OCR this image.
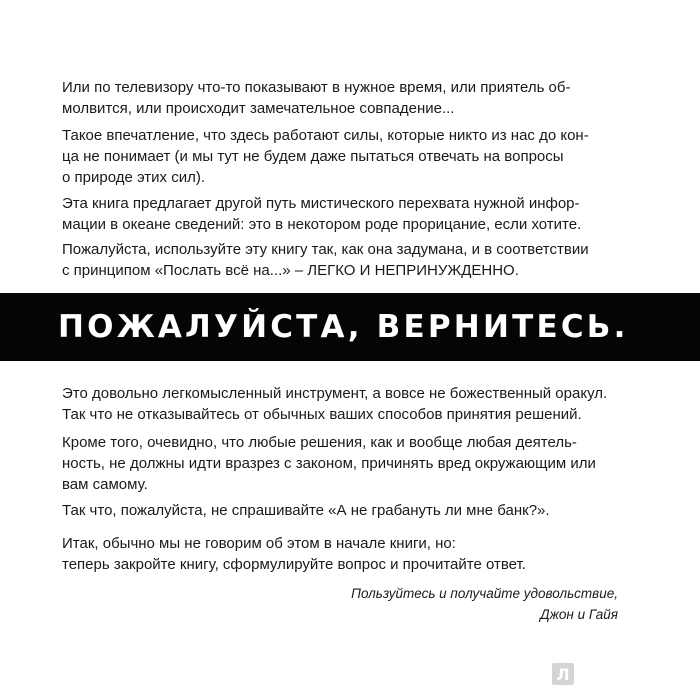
Или по телевизору что-то показывают в нужное время, или приятель об-
молвится, или происходит замечательное совпадение...

Такое впечатление, что здесь работают силы, которые никто из нас до кон-
ца не понимает (и мы тут не будем даже пытаться отвечать на вопросы
о природе этих сил).

Эта книга предлагает другой путь мистического перехвата нужной инфор-
мации в океане сведений: это в некотором роде прорицание, если хотите.

Пожалуйста, используйте эту книгу так, как она задумана, и в соответствии
с принципом «Послать всё на...» – ЛЕГКО И НЕПРИНУЖДЕННО.

ПОЖАЛУЙСТА, ВЕРНИТЕСЬ.

Это довольно легкомысленный инструмент, а вовсе не божественный оракул.
Так что не отказывайтесь от обычных ваших способов принятия решений.

Кроме того, очевидно, что любые решения, как и вообще любая деятель-
ность, не должны идти вразрез с законом, причинять вред окружающим или
вам самому.

Так что, пожалуйста, не спрашивайте «А не грабануть ли мне банк?».

Итак, обычно мы не говорим об этом в начале книги, но:
теперь закройте книгу, сформулируйте вопрос и прочитайте ответ.

Пользуйтесь и получайте удовольствие,
Джон и Гайя
Л
